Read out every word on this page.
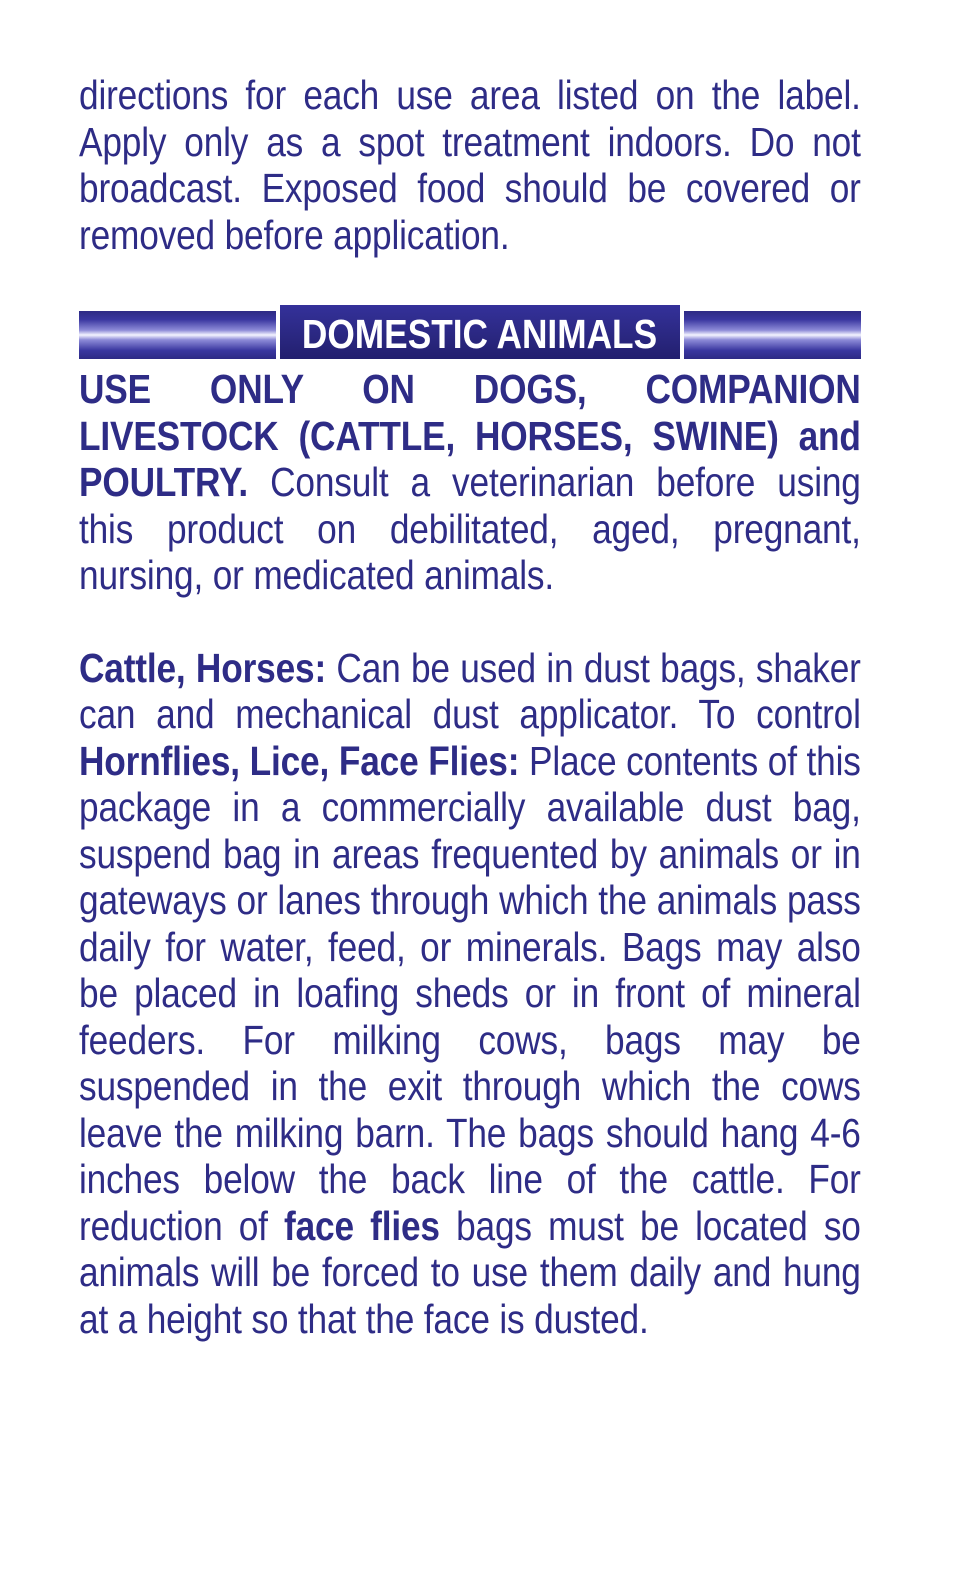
directions for each use area listed on the label. Apply only as a spot treatment indoors. Do not broadcast. Exposed food should be covered or removed before application.

DOMESTIC ANIMALS

USE ONLY ON DOGS, COMPANION LIVESTOCK (CATTLE, HORSES, SWINE) and POULTRY. Consult a veterinarian before using this product on debilitated, aged, pregnant, nursing, or medicated animals.

Cattle, Horses: Can be used in dust bags, shaker can and mechanical dust applicator. To control Hornflies, Lice, Face Flies: Place contents of this package in a commercially available dust bag, suspend bag in areas frequented by animals or in gateways or lanes through which the animals pass daily for water, feed, or minerals. Bags may also be placed in loafing sheds or in front of mineral feeders. For milking cows, bags may be suspended in the exit through which the cows leave the milking barn. The bags should hang 4-6 inches below the back line of the cattle. For reduction of face flies bags must be located so animals will be forced to use them daily and hung at a height so that the face is dusted.
